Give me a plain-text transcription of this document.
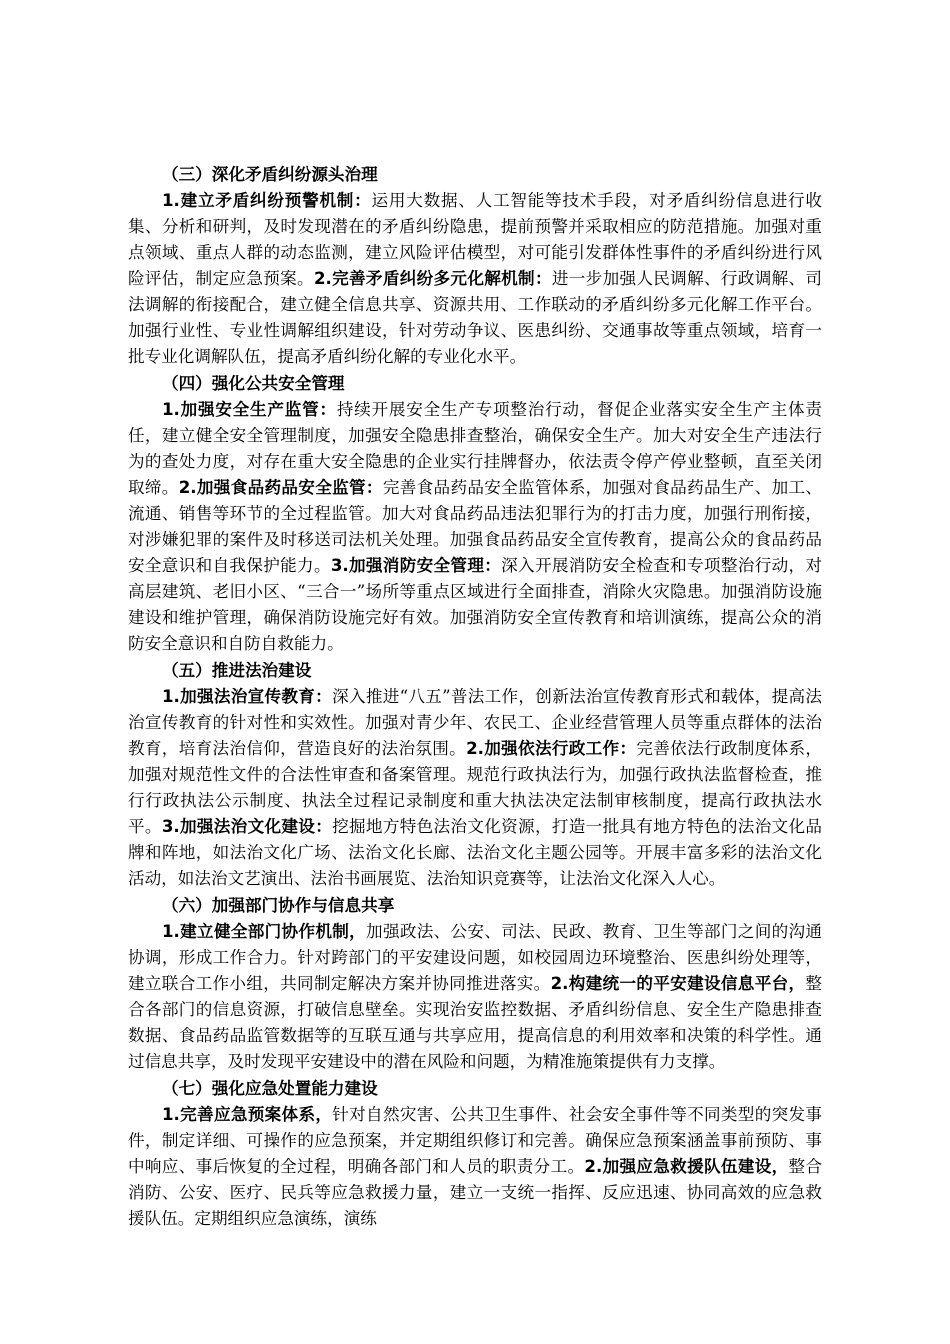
（三）深化矛盾纠纷源头治理

1.建立矛盾纠纷预警机制：运用大数据、人工智能等技术手段，对矛盾纠纷信息进行收集、分析和研判，及时发现潜在的矛盾纠纷隐患，提前预警并采取相应的防范措施。加强对重点领域、重点人群的动态监测，建立风险评估模型，对可能引发群体性事件的矛盾纠纷进行风险评估，制定应急预案。2.完善矛盾纠纷多元化解机制：进一步加强人民调解、行政调解、司法调解的衔接配合，建立健全信息共享、资源共用、工作联动的矛盾纠纷多元化解工作平台。加强行业性、专业性调解组织建设，针对劳动争议、医患纠纷、交通事故等重点领域，培育一批专业化调解队伍，提高矛盾纠纷化解的专业化水平。

（四）强化公共安全管理

1.加强安全生产监管：持续开展安全生产专项整治行动，督促企业落实安全生产主体责任，建立健全安全管理制度，加强安全隐患排查整治，确保安全生产。加大对安全生产违法行为的查处力度，对存在重大安全隐患的企业实行挂牌督办，依法责令停产停业整顿，直至关闭取缔。2.加强食品药品安全监管：完善食品药品安全监管体系，加强对食品药品生产、加工、流通、销售等环节的全过程监管。加大对食品药品违法犯罪行为的打击力度，加强行刑衔接，对涉嫌犯罪的案件及时移送司法机关处理。加强食品药品安全宣传教育，提高公众的食品药品安全意识和自我保护能力。3.加强消防安全管理：深入开展消防安全检查和专项整治行动，对高层建筑、老旧小区、“三合一”场所等重点区域进行全面排查，消除火灾隐患。加强消防设施建设和维护管理，确保消防设施完好有效。加强消防安全宣传教育和培训演练，提高公众的消防安全意识和自防自救能力。

（五）推进法治建设

1.加强法治宣传教育：深入推进“八五”普法工作，创新法治宣传教育形式和载体，提高法治宣传教育的针对性和实效性。加强对青少年、农民工、企业经营管理人员等重点群体的法治教育，培育法治信仰，营造良好的法治氛围。2.加强依法行政工作：完善依法行政制度体系，加强对规范性文件的合法性审查和备案管理。规范行政执法行为，加强行政执法监督检查，推行行政执法公示制度、执法全过程记录制度和重大执法决定法制审核制度，提高行政执法水平。3.加强法治文化建设：挖掘地方特色法治文化资源，打造一批具有地方特色的法治文化品牌和阵地，如法治文化广场、法治文化长廊、法治文化主题公园等。开展丰富多彩的法治文化活动，如法治文艺演出、法治书画展览、法治知识竞赛等，让法治文化深入人心。

（六）加强部门协作与信息共享

1.建立健全部门协作机制，加强政法、公安、司法、民政、教育、卫生等部门之间的沟通协调，形成工作合力。针对跨部门的平安建设问题，如校园周边环境整治、医患纠纷处理等，建立联合工作小组，共同制定解决方案并协同推进落实。2.构建统一的平安建设信息平台，整合各部门的信息资源，打破信息壁垒。实现治安监控数据、矛盾纠纷信息、安全生产隐患排查数据、食品药品监管数据等的互联互通与共享应用，提高信息的利用效率和决策的科学性。通过信息共享，及时发现平安建设中的潜在风险和问题，为精准施策提供有力支撑。

（七）强化应急处置能力建设

1.完善应急预案体系，针对自然灾害、公共卫生事件、社会安全事件等不同类型的突发事件，制定详细、可操作的应急预案，并定期组织修订和完善。确保应急预案涵盖事前预防、事中响应、事后恢复的全过程，明确各部门和人员的职责分工。2.加强应急救援队伍建设，整合消防、公安、医疗、民兵等应急救援力量，建立一支统一指挥、反应迅速、协同高效的应急救援队伍。定期组织应急演练，演练
